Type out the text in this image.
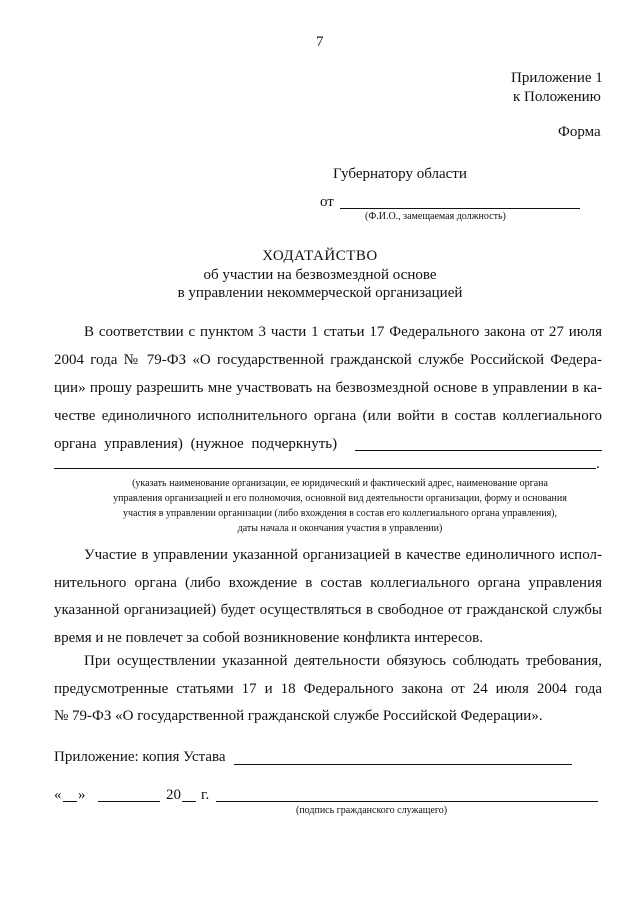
7
Приложение 1
к Положению
Форма
Губернатору области
от
(Ф.И.О., замещаемая должность)
ХОДАТАЙСТВО
об участии на безвозмездной основе
в управлении некоммерческой организацией
В соответствии с пунктом 3 части 1 статьи 17 Федерального закона от 27 июля
2004 года № 79-ФЗ «О государственной гражданской службе Российской Федера-
ции» прошу разрешить мне участвовать на безвозмездной основе в управлении в ка-
честве единоличного исполнительного органа (или войти в состав коллегиального
органа управления) (нужное подчеркнуть)
.
(указать наименование организации, ее юридический и фактический адрес, наименование органа
управления организацией и его полномочия, основной вид деятельности организации, форму и основания
участия в управлении организации (либо вхождения в состав его коллегиального органа управления),
даты начала и окончания участия в управлении)
Участие в управлении указанной организацией в качестве единоличного испол-
нительного органа (либо вхождение в состав коллегиального органа управления
указанной организацией) будет осуществляться в свободное от гражданской службы
время и не повлечет за собой возникновение конфликта интересов.
При осуществлении указанной деятельности обязуюсь соблюдать требования,
предусмотренные статьями 17 и 18 Федерального закона от 24 июля 2004 года
№ 79-ФЗ «О государственной гражданской службе Российской Федерации».
Приложение: копия Устава
« »	20 г.
(подпись гражданского служащего)
